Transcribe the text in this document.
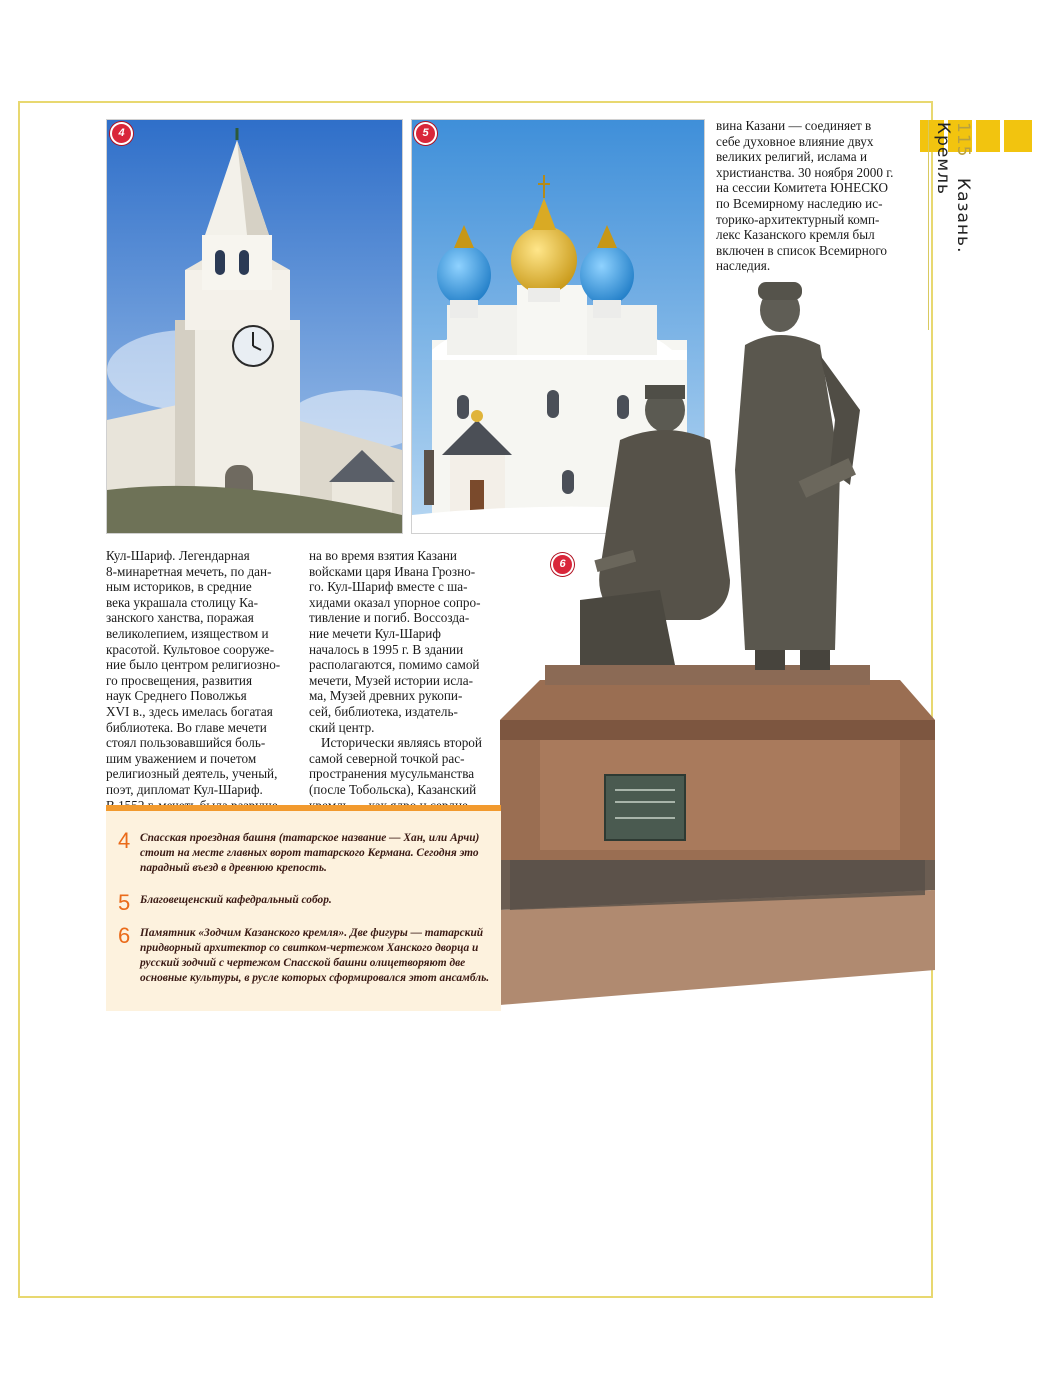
115 Казань. Кремль
4	5
6

Кул-Шариф. Легендарная

8-минаретная мечеть, по дан-

ным историков, в средние

века украшала столицу Ка-

занского ханства, поражая

великолепием, изяществом и

красотой. Культовое сооруже-

ние было центром религиозно-

го просвещения, развития

наук Среднего Поволжья

XVI в., здесь имелась богатая

библиотека. Во главе мечети

стоял пользовавшийся боль-

шим уважением и почетом

религиозный деятель, ученый,

поэт, дипломат Кул-Шариф.

на во время взятия Казани

войсками царя Ивана Грозно-

го. Кул-Шариф вместе с ша-

хидами оказал упорное сопро-

тивление и погиб. Воссозда-

ние мечети Кул-Шариф

началось в 1995 г. В здании

располагаются, помимо самой

мечети, Музей истории исла-

ма, Музей древних рукопи-

сей, библиотека, издатель-

ский центр.

Исторически являясь второй

самой северной точкой рас-

пространения мусульманства

(после Тобольска), Казанский

вина Казани — соединяет в

себе духовное влияние двух

великих религий, ислама и

христианства. 30 ноября 2000 г.

на сессии Комитета ЮНЕСКО

по Всемирному наследию ис-

торико-архитектурный комп-

лекс Казанского кремля был

включен в список Всемирного

наследия.

4 Спасская проездная башня (татарское название — Хан, или Арчи) стоит на месте главных ворот татарского Кермана. Сегодня это парадный въезд в древнюю крепость.
5 Благовещенский кафедральный собор.
6 Памятник «Зодчим Казанского кремля». Две фигуры — татарский придворный архитектор со свитком-чертежом Ханского дворца и русский зодчий с чертежом Спасской башни олицетворяют две основные культуры, в русле которых сформировался этот ансамбль.
